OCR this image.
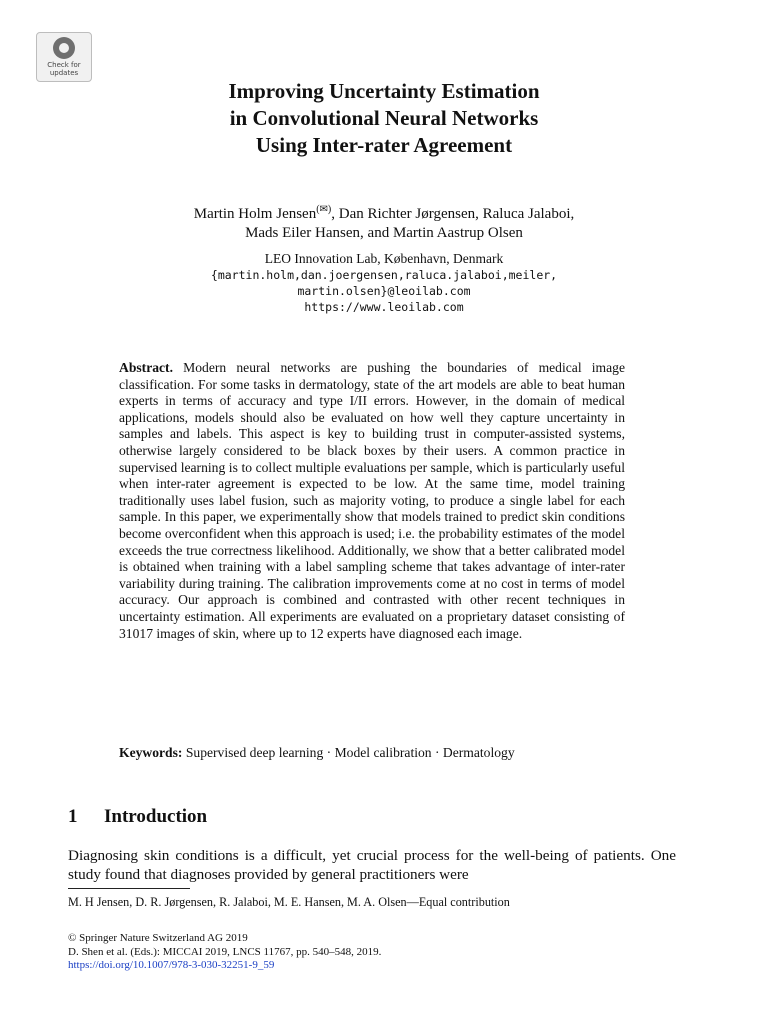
Check for
updates
Improving Uncertainty Estimation
in Convolutional Neural Networks
Using Inter-rater Agreement
Martin Holm Jensen(✉), Dan Richter Jørgensen, Raluca Jalaboi,
Mads Eiler Hansen, and Martin Aastrup Olsen
LEO Innovation Lab, København, Denmark
{martin.holm,dan.joergensen,raluca.jalaboi,meiler,
martin.olsen}@leoilab.com
https://www.leoilab.com
Abstract. Modern neural networks are pushing the boundaries of medical image classification. For some tasks in dermatology, state of the art models are able to beat human experts in terms of accuracy and type I/II errors. However, in the domain of medical applications, models should also be evaluated on how well they capture uncertainty in samples and labels. This aspect is key to building trust in computer-assisted systems, otherwise largely considered to be black boxes by their users. A common practice in supervised learning is to collect multiple evaluations per sample, which is particularly useful when inter-rater agreement is expected to be low. At the same time, model training traditionally uses label fusion, such as majority voting, to produce a single label for each sample. In this paper, we experimentally show that models trained to predict skin conditions become overconfident when this approach is used; i.e. the probability estimates of the model exceeds the true correctness likelihood. Additionally, we show that a better calibrated model is obtained when training with a label sampling scheme that takes advantage of inter-rater variability during training. The calibration improvements come at no cost in terms of model accuracy. Our approach is combined and contrasted with other recent techniques in uncertainty estimation. All experiments are evaluated on a proprietary dataset consisting of 31017 images of skin, where up to 12 experts have diagnosed each image.
Keywords: Supervised deep learning · Model calibration · Dermatology
1 Introduction
Diagnosing skin conditions is a difficult, yet crucial process for the well-being of patients. One study found that diagnoses provided by general practitioners were
M. H Jensen, D. R. Jørgensen, R. Jalaboi, M. E. Hansen, M. A. Olsen—Equal contribution
© Springer Nature Switzerland AG 2019
D. Shen et al. (Eds.): MICCAI 2019, LNCS 11767, pp. 540–548, 2019.
https://doi.org/10.1007/978-3-030-32251-9_59
